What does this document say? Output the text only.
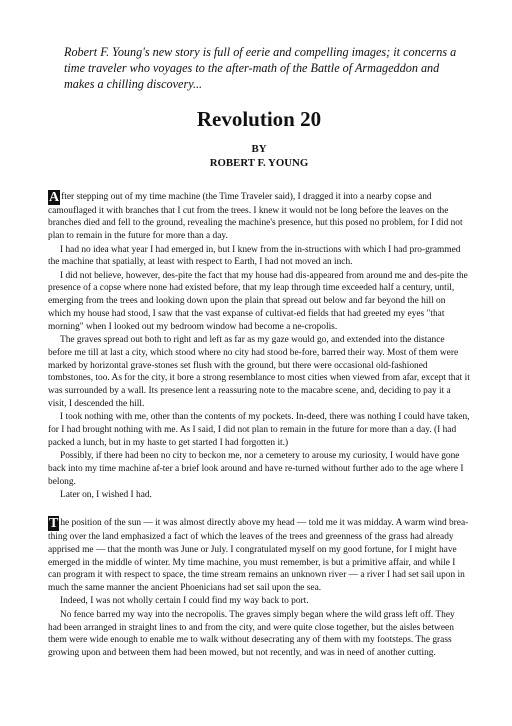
Robert F. Young's new story is full of eerie and compelling images; it concerns a time traveler who voyages to the after-math of the Battle of Armageddon and makes a chilling discovery...

Revolution 20
BY
ROBERT F. YOUNG

A fter stepping out of my time machine (the Time Traveler said), I dragged it into a nearby copse and camouflaged it with branches that I cut from the trees. I knew it would not be long before the leaves on the branches died and fell to the ground, revealing the machine's presence, hut this posed no problem, for I did not plan to remain in the future for more than a day.

I had no idea what year I had emerged in, but I knew from the in-structions with which I had pro-grammed the machine that spatially, at least with respect to Earth, I had not moved an inch.

I did not believe, however, des-pite the fact that my house had dis-appeared from around me and des-pite the presence of a copse where none had existed before, that my leap through time exceeded half a century, until, emerging from the trees and looking down upon the plain that spread out below and far beyond the hill on which my house had stood, I saw that the vast expanse of cultivat-ed fields that had greeted my eyes "that morning" when I looked out my bedroom window had become a ne-cropolis.

The graves spread out both to right and left as far as my gaze would go, and extended into the distance before me till at last a city, which stood where no city had stood be-fore, barred their way. Most of them were marked by horizontal grave-stones set flush with the ground, but there were occasional old-fashioned tombstones, too. As for the city, it bore a strong resemblance to most cities when viewed from afar, except that it was surrounded by a wall. Its presence lent a reassuring note to the macabre scene, and, deciding to pay it a visit, I descended the hill.

I took nothing with me, other than the contents of my pockets. In-deed, there was nothing I could have taken, for I had brought nothing with me. As I said, I did not plan to remain in the future for more than a day. (I had packed a lunch, but in my haste to get started I had forgotten it.)

Possibly, if there had been no city to beckon me, nor a cemetery to arouse my curiosity, I would have gone back into my time machine af-ter a brief look around and have re-turned without further ado to the age where I belong.

Later on, I wished I had.

T he position of the sun — it was almost directly above my head — told me it was midday. A warm wind brea-thing over the land emphasized a fact of which the leaves of the trees and greenness of the grass had already apprised me — that the month was June or July. I congratulated myself on my good fortune, for I might have emerged in the middle of winter. My time machine, you must remember, is but a primitive affair, and while I can program it with respect to space, the time stream remains an unknown river — a river I had set sail upon in much the same manner the ancient Phoenicians had set sail upon the sea.

Indeed, I was not wholly certain I could find my way back to port.

No fence barred my way into the necropolis. The graves simply began where the wild grass left off. They had been arranged in straight lines to and from the city, and were quite close together, but the aisles between them were wide enough to enable me to walk without desecrating any of them with my footsteps. The grass growing upon and between them had been mowed, but not recently, and was in need of another cutting.
